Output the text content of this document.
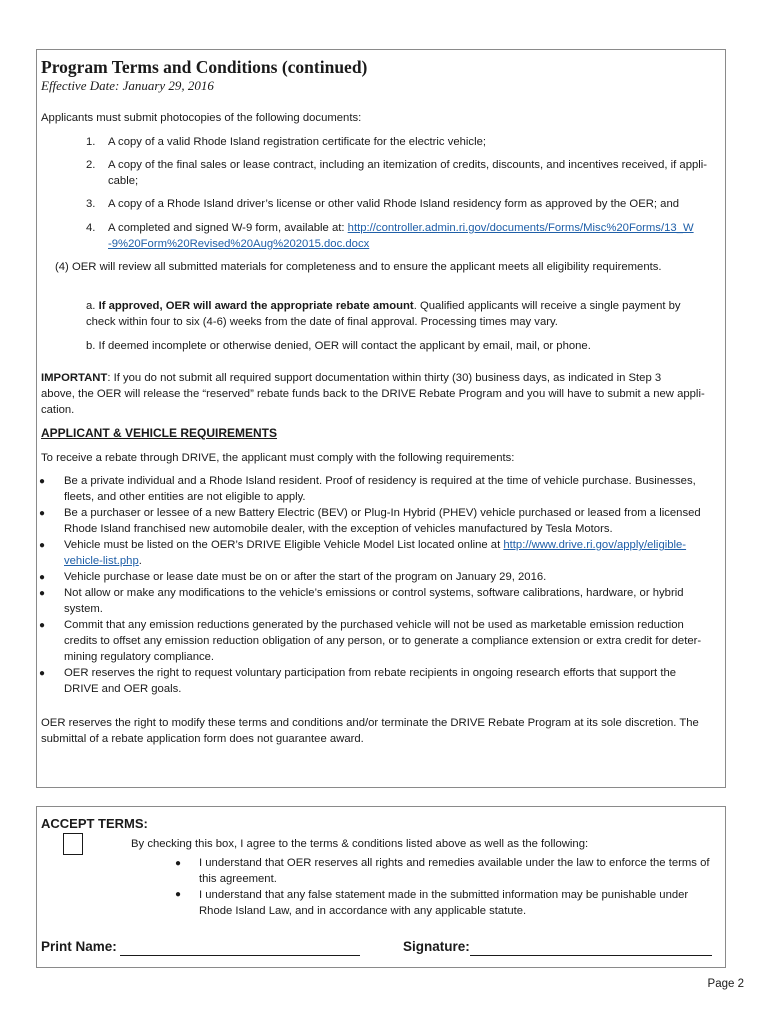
Program Terms and Conditions (continued)
Effective Date: January 29, 2016
Applicants must submit photocopies of the following documents:
1. A copy of a valid Rhode Island registration certificate for the electric vehicle;
2. A copy of the final sales or lease contract, including an itemization of credits, discounts, and incentives received, if appli-
cable;
3. A copy of a Rhode Island driver’s license or other valid Rhode Island residency form as approved by the OER; and
4. A completed and signed W-9 form, available at: http://controller.admin.ri.gov/documents/Forms/Misc%20Forms/13_W
-9%20Form%20Revised%20Aug%202015.doc.docx
(4) OER will review all submitted materials for completeness and to ensure the applicant meets all eligibility requirements.
a. If approved, OER will award the appropriate rebate amount. Qualified applicants will receive a single payment by
check within four to six (4-6) weeks from the date of final approval. Processing times may vary.
b. If deemed incomplete or otherwise denied, OER will contact the applicant by email, mail, or phone.
IMPORTANT: If you do not submit all required support documentation within thirty (30) business days, as indicated in Step 3
above, the OER will release the “reserved” rebate funds back to the DRIVE Rebate Program and you will have to submit a new appli-
cation.
APPLICANT & VEHICLE REQUIREMENTS
To receive a rebate through DRIVE, the applicant must comply with the following requirements:
● Be a private individual and a Rhode Island resident. Proof of residency is required at the time of vehicle purchase. Businesses,
fleets, and other entities are not eligible to apply.
● Be a purchaser or lessee of a new Battery Electric (BEV) or Plug-In Hybrid (PHEV) vehicle purchased or leased from a licensed
Rhode Island franchised new automobile dealer, with the exception of vehicles manufactured by Tesla Motors.
● Vehicle must be listed on the OER’s DRIVE Eligible Vehicle Model List located online at http://www.drive.ri.gov/apply/eligible-
vehicle-list.php.
● Vehicle purchase or lease date must be on or after the start of the program on January 29, 2016.
● Not allow or make any modifications to the vehicle’s emissions or control systems, software calibrations, hardware, or hybrid
system.
● Commit that any emission reductions generated by the purchased vehicle will not be used as marketable emission reduction
credits to offset any emission reduction obligation of any person, or to generate a compliance extension or extra credit for deter-
mining regulatory compliance.
● OER reserves the right to request voluntary participation from rebate recipients in ongoing research efforts that support the
DRIVE and OER goals.
OER reserves the right to modify these terms and conditions and/or terminate the DRIVE Rebate Program at its sole discretion. The
submittal of a rebate application form does not guarantee award.
ACCEPT TERMS:
By checking this box, I agree to the terms & conditions listed above as well as the following:
● I understand that OER reserves all rights and remedies available under the law to enforce the terms of
this agreement.
● I understand that any false statement made in the submitted information may be punishable under
Rhode Island Law, and in accordance with any applicable statute.
Print Name:	Signature:
Page 2
